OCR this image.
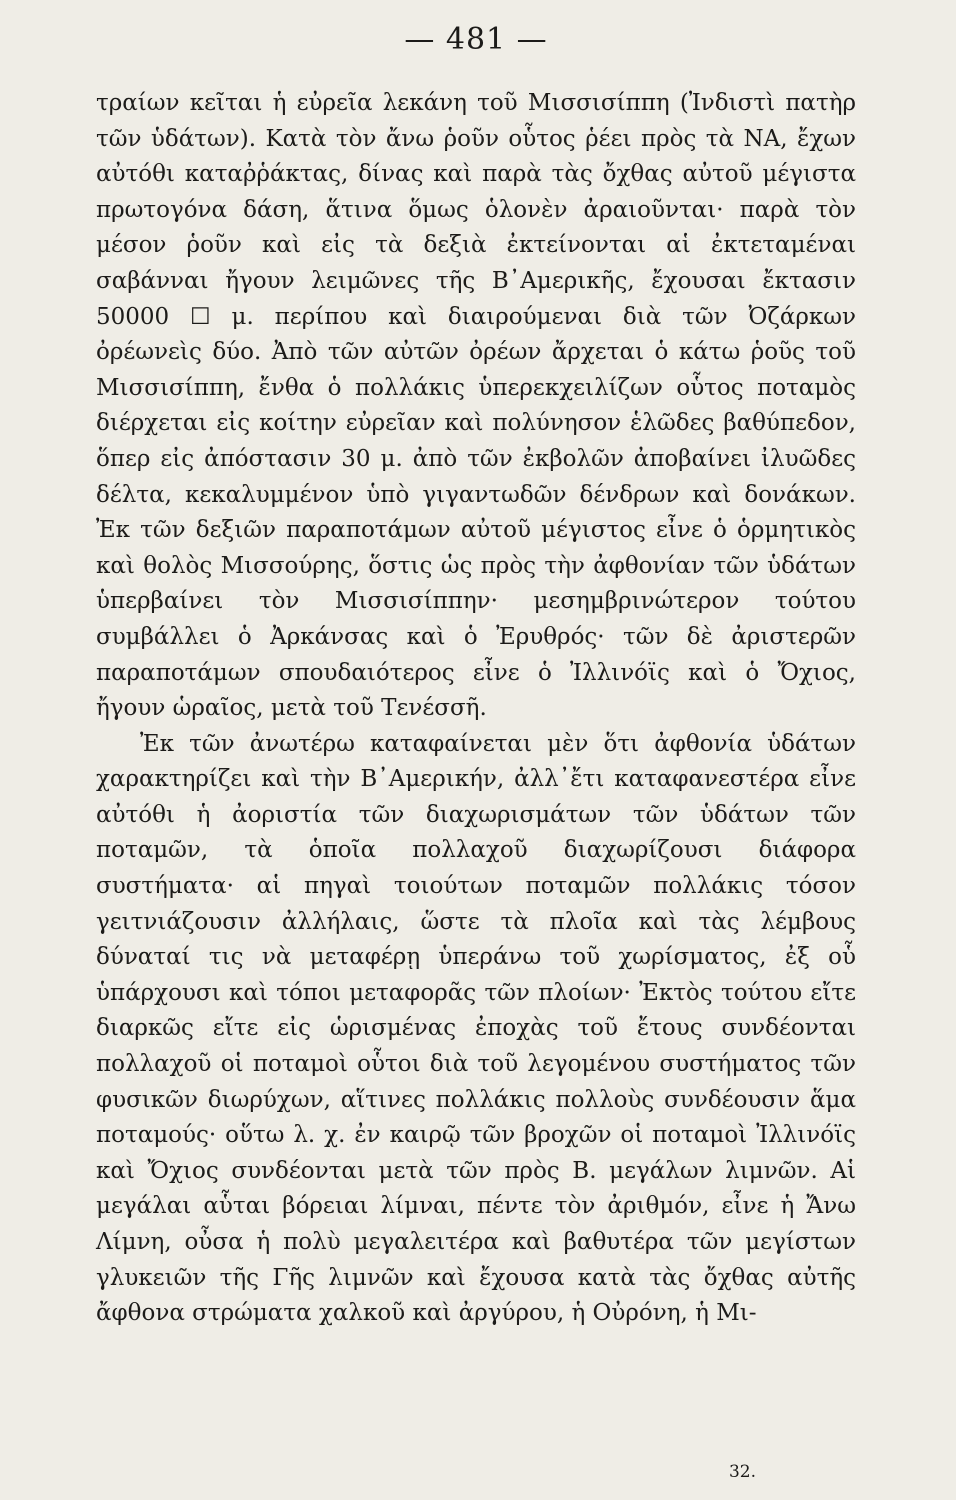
— 481 —

τραίων κεῖται ἡ εὐρεῖα λεκάνη τοῦ Μισσισίππη (Ἰνδιστὶ πατὴρ τῶν ὑδάτων). Κατὰ τὸν ἄνω ῥοῦν οὗτος ῥέει πρὸς τὰ ΝΑ, ἔχων αὐτόθι καταῤῥάκτας, δίνας καὶ παρὰ τὰς ὄχθας αὐτοῦ μέγιστα πρωτογόνα δάση, ἅτινα ὅμως ὁλονὲν ἀραιοῦνται· παρὰ τὸν μέσον ῥοῦν καὶ εἰς τὰ δεξιὰ ἐκτείνονται αἱ ἐκτεταμέναι σαβάνναι ἤγουν λειμῶνες τῆς Β᾿Αμερικῆς, ἔχουσαι ἔκτασιν 50000 ☐ μ. περίπου καὶ διαιρούμεναι διὰ τῶν Ὀζάρκων ὀρέωνεὶς δύο. Ἀπὸ τῶν αὐτῶν ὀρέων ἄρχεται ὁ κάτω ῥοῦς τοῦ Μισσισίππη, ἔνθα ὁ πολλάκις ὑπερεκχειλίζων οὗτος ποταμὸς διέρχεται εἰς κοίτην εὐρεῖαν καὶ πολύνησον ἑλῶδες βαθύπεδον, ὅπερ εἰς ἀπόστασιν 30 μ. ἀπὸ τῶν ἐκβολῶν ἀποβαίνει ἰλυῶδες δέλτα, κεκαλυμμένον ὑπὸ γιγαντωδῶν δένδρων καὶ δονάκων. Ἐκ τῶν δεξιῶν παραποτάμων αὐτοῦ μέγιστος εἶνε ὁ ὁρμητικὸς καὶ θολὸς Μισσούρης, ὅστις ὡς πρὸς τὴν ἀφθονίαν τῶν ὑδάτων ὑπερβαίνει τὸν Μισσισίππην· μεσημβρινώτερον τούτου συμβάλλει ὁ Ἀρκάνσας καὶ ὁ Ἐρυθρός· τῶν δὲ ἀριστερῶν παραποτάμων σπουδαιότερος εἶνε ὁ Ἰλλινόϊς καὶ ὁ Ὄχιος, ἤγουν ὡραῖος, μετὰ τοῦ Τενέσσῆ.

Ἐκ τῶν ἀνωτέρω καταφαίνεται μὲν ὅτι ἀφθονία ὑδάτων χαρακτηρίζει καὶ τὴν Β᾿Αμερικήν, ἀλλ᾿ἔτι καταφανεστέρα εἶνε αὐτόθι ἡ ἀοριστία τῶν διαχωρισμάτων τῶν ὑδάτων τῶν ποταμῶν, τὰ ὁποῖα πολλαχοῦ διαχωρίζουσι διάφορα συστήματα· αἱ πηγαὶ τοιούτων ποταμῶν πολλάκις τόσον γειτνιάζουσιν ἀλλήλαις, ὥστε τὰ πλοῖα καὶ τὰς λέμβους δύναταί τις νὰ μεταφέρῃ ὑπεράνω τοῦ χωρίσματος, ἐξ οὗ ὑπάρχουσι καὶ τόποι μεταφορᾶς τῶν πλοίων· Ἐκτὸς τούτου εἴτε διαρκῶς εἴτε εἰς ὡρισμένας ἐποχὰς τοῦ ἔτους συνδέονται πολλαχοῦ οἱ ποταμοὶ οὗτοι διὰ τοῦ λεγομένου συστήματος τῶν φυσικῶν διωρύχων, αἵτινες πολλάκις πολλοὺς συνδέουσιν ἅμα ποταμούς· οὕτω λ. χ. ἐν καιρῷ τῶν βροχῶν οἱ ποταμοὶ Ἰλλινόϊς καὶ Ὄχιος συνδέονται μετὰ τῶν πρὸς Β. μεγάλων λιμνῶν. Αἱ μεγάλαι αὗται βόρειαι λίμναι, πέντε τὸν ἀριθμόν, εἶνε ἡ Ἄνω Λίμνη, οὖσα ἡ πολὺ μεγαλειτέρα καὶ βαθυτέρα τῶν μεγίστων γλυκειῶν τῆς Γῆς λιμνῶν καὶ ἔχουσα κατὰ τὰς ὄχθας αὐτῆς ἄφθονα στρώματα χαλκοῦ καὶ ἀργύρου, ἡ Οὐρόνη, ἡ Μι-

32.
